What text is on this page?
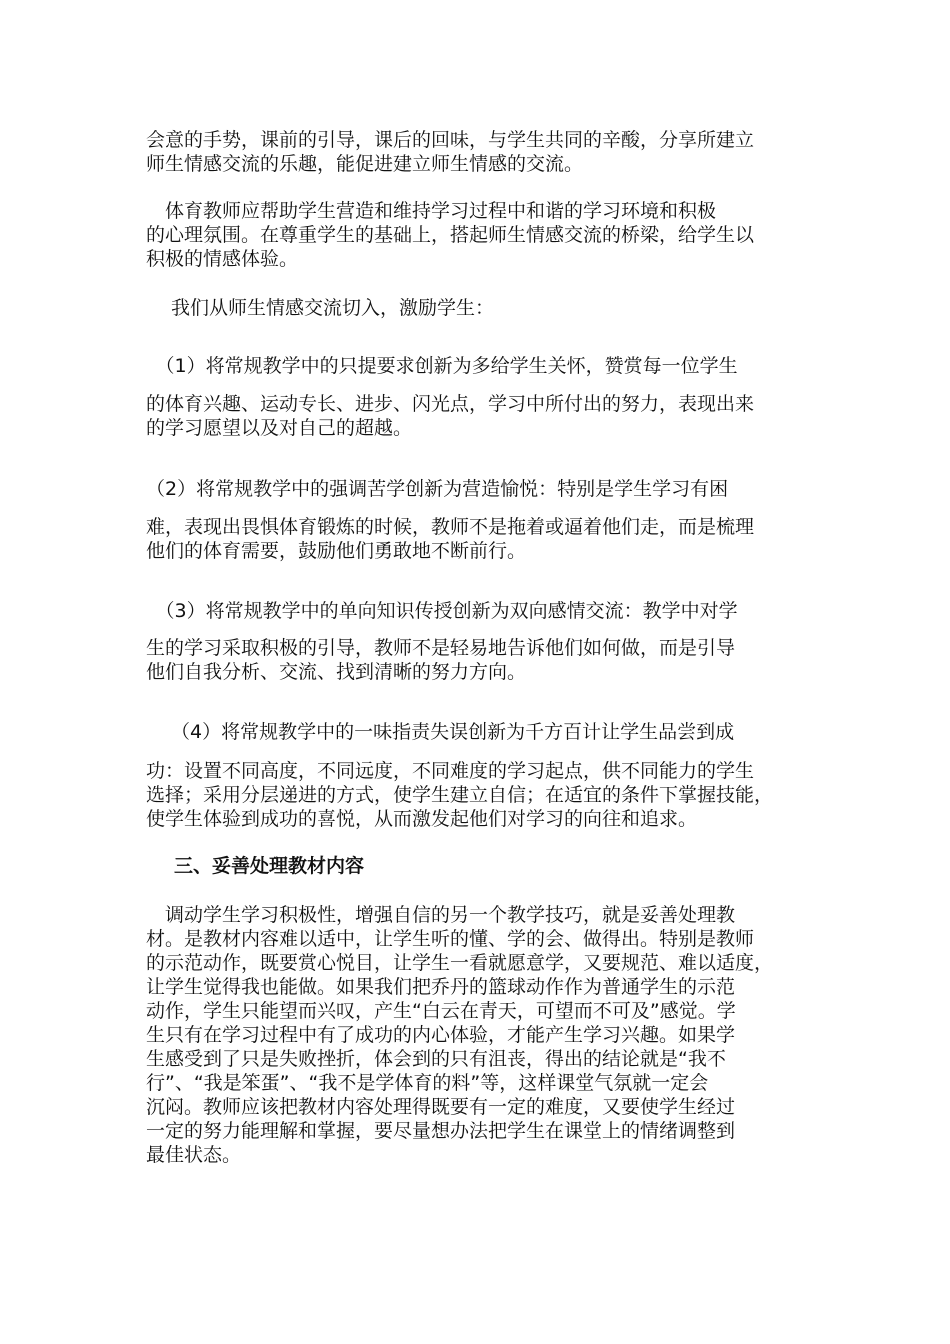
会意的手势，课前的引导，课后的回味，与学生共同的辛酸，分享所建立
师生情感交流的乐趣，能促进建立师生情感的交流。

　体育教师应帮助学生营造和维持学习过程中和谐的学习环境和积极
的心理氛围。在尊重学生的基础上，搭起师生情感交流的桥梁，给学生以
积极的情感体验。

　 我们从师生情感交流切入，激励学生：

　（1）将常规教学中的只提要求创新为多给学生关怀，赞赏每一位学生

的体育兴趣、运动专长、进步、闪光点，学习中所付出的努力，表现出来
的学习愿望以及对自己的超越。

（2）将常规教学中的强调苦学创新为营造愉悦：特别是学生学习有困

难，表现出畏惧体育锻炼的时候，教师不是拖着或逼着他们走，而是梳理
他们的体育需要，鼓励他们勇敢地不断前行。

　（3）将常规教学中的单向知识传授创新为双向感情交流：教学中对学

生的学习采取积极的引导，教师不是轻易地告诉他们如何做，而是引导
他们自我分析、交流、找到清晰的努力方向。

　 （4）将常规教学中的一味指责失误创新为千方百计让学生品尝到成

功：设置不同高度，不同远度，不同难度的学习起点，供不同能力的学生
选择；采用分层递进的方式，使学生建立自信；在适宜的条件下掌握技能，
使学生体验到成功的喜悦，从而激发起他们对学习的向往和追求。

三、妥善处理教材内容

　调动学生学习积极性，增强自信的另一个教学技巧，就是妥善处理教
材。是教材内容难以适中，让学生听的懂、学的会、做得出。特别是教师
的示范动作，既要赏心悦目，让学生一看就愿意学，又要规范、难以适度，
让学生觉得我也能做。如果我们把乔丹的篮球动作作为普通学生的示范
动作，学生只能望而兴叹，产生“白云在青天，可望而不可及”感觉。学
生只有在学习过程中有了成功的内心体验，才能产生学习兴趣。如果学
生感受到了只是失败挫折，体会到的只有沮丧，得出的结论就是“我不
行”、“我是笨蛋”、“我不是学体育的料”等，这样课堂气氛就一定会
沉闷。教师应该把教材内容处理得既要有一定的难度，又要使学生经过
一定的努力能理解和掌握，要尽量想办法把学生在课堂上的情绪调整到
最佳状态。
